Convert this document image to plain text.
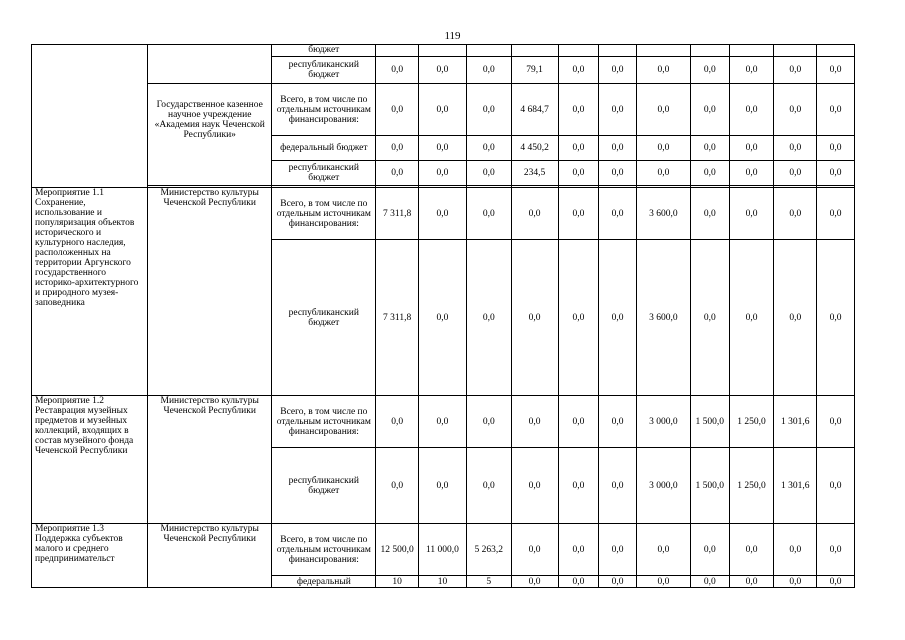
119
		бюджет											
		республиканский бюджет	0,0	0,0	0,0	79,1	0,0	0,0	0,0	0,0	0,0	0,0	0,0
	Государственное казенное научное учреждение «Академия наук Чеченской Республики»	Всего, в том числе по отдельным источникам финансирования:	0,0	0,0	0,0	4 684,7	0,0	0,0	0,0	0,0	0,0	0,0	0,0
		федеральный бюджет	0,0	0,0	0,0	4 450,2	0,0	0,0	0,0	0,0	0,0	0,0	0,0
		республиканский бюджет	0,0	0,0	0,0	234,5	0,0	0,0	0,0	0,0	0,0	0,0	0,0

Мероприятие 1.1 Сохранение, использование и популяризация объектов исторического и культурного наследия, расположенных на территории Аргунского государственного историко-архитектурного и природного музея-заповедника	Министерство культуры Чеченской Республики	Всего, в том числе по отдельным источникам финансирования:	7 311,8	0,0	0,0	0,0	0,0	0,0	3 600,0	0,0	0,0	0,0	0,0
		республиканский бюджет	7 311,8	0,0	0,0	0,0	0,0	0,0	3 600,0	0,0	0,0	0,0	0,0
Мероприятие 1.2 Реставрация музейных предметов и музейных коллекций, входящих в состав музейного фонда Чеченской Республики	Министерство культуры Чеченской Республики	Всего, в том числе по отдельным источникам финансирования:	0,0	0,0	0,0	0,0	0,0	0,0	3 000,0	1 500,0	1 250,0	1 301,6	0,0
		республиканский бюджет	0,0	0,0	0,0	0,0	0,0	0,0	3 000,0	1 500,0	1 250,0	1 301,6	0,0
Мероприятие 1.3 Поддержка субъектов малого и среднего предпринимательст	Министерство культуры Чеченской Республики	Всего, в том числе по отдельным источникам финансирования:	12 500,0	11 000,0	5 263,2	0,0	0,0	0,0	0,0	0,0	0,0	0,0	0,0
		федеральный	10	10	5	0,0	0,0	0,0	0,0	0,0	0,0	0,0	0,0
